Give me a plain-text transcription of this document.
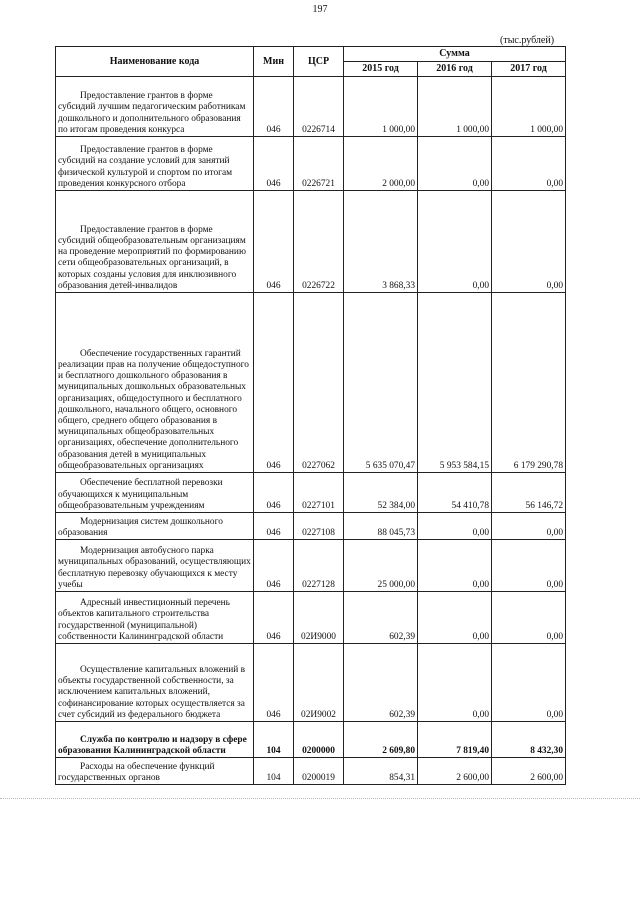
197
(тыс.рублей)
Наименование кода	Мин	ЦСР	Сумма		
			2015 год	2016 год	2017 год

Предоставление грантов в форме субсидий лучшим педагогическим работникам дошкольного и дополнительного образования по итогам проведения конкурса	046	0226714	1 000,00	1 000,00	1 000,00

Предоставление грантов в форме субсидий на создание условий для занятий физической культурой и спортом по итогам проведения конкурсного отбора	046	0226721	2 000,00	0,00	0,00

Предоставление грантов в форме субсидий общеобразовательным организациям на проведение мероприятий по формированию сети общеобразовательных организаций, в которых созданы условия для инклюзивного образования детей-инвалидов	046	0226722	3 868,33	0,00	0,00

Обеспечение государственных гарантий реализации прав на получение общедоступного и бесплатного дошкольного образования в муниципальных дошкольных образовательных организациях, общедоступного и бесплатного дошкольного, начального общего, основного общего, среднего общего образования в муниципальных общеобразовательных организациях, обеспечение дополнительного образования детей в муниципальных общеобразовательных организациях	046	0227062	5 635 070,47	5 953 584,15	6 179 290,78

Обеспечение бесплатной перевозки обучающихся к муниципальным общеобразовательным учреждениям	046	0227101	52 384,00	54 410,78	56 146,72

Модернизация систем дошкольного образования	046	0227108	88 045,73	0,00	0,00

Модернизация автобусного парка муниципальных образований, осуществляющих бесплатную перевозку обучающихся к месту учебы	046	0227128	25 000,00	0,00	0,00

Адресный инвестиционный перечень объектов капитального строительства государственной (муниципальной) собственности Калининградской области	046	02И9000	602,39	0,00	0,00

Осуществление капитальных вложений в объекты государственной собственности, за исключением капитальных вложений, софинансирование которых осуществляется за счет субсидий из федерального бюджета	046	02И9002	602,39	0,00	0,00

Служба по контролю и надзору в сфере образования Калининградской области	104	0200000	2 609,80	7 819,40	8 432,30

Расходы на обеспечение функций государственных органов	104	0200019	854,31	2 600,00	2 600,00
